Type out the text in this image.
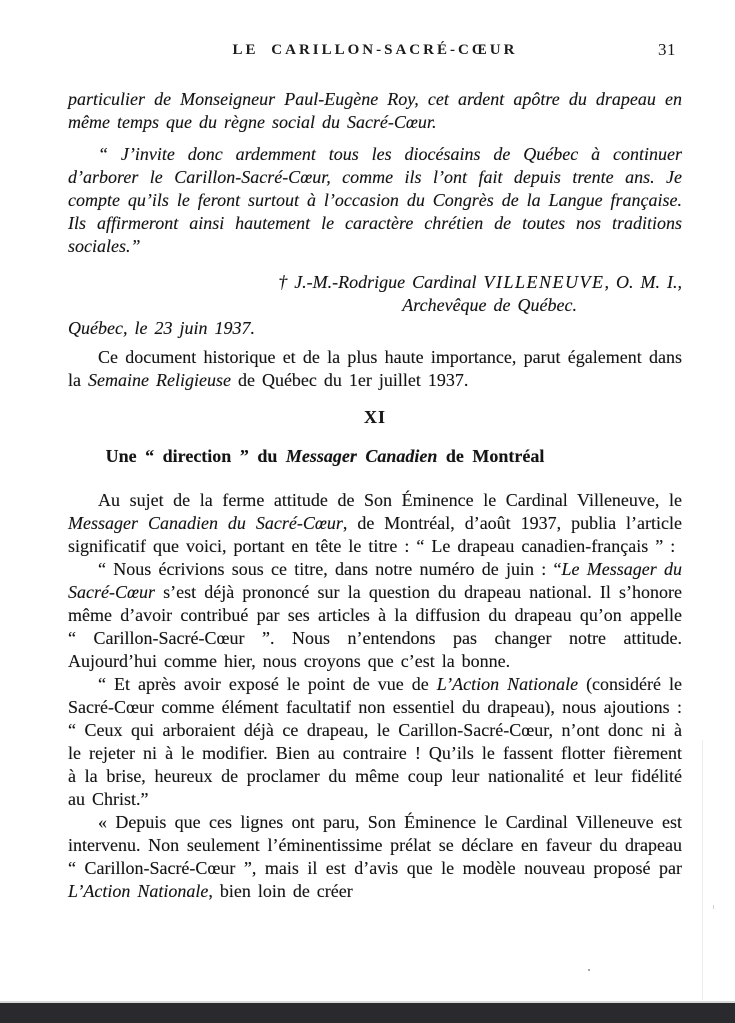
LE CARILLON-SACRÉ-CŒUR	31

particulier de Monseigneur Paul-Eugène Roy, cet ardent apôtre du drapeau en même temps que du règne social du Sacré-Cœur.

“ J’invite donc ardemment tous les diocésains de Québec à continuer d’arborer le Carillon-Sacré-Cœur, comme ils l’ont fait depuis trente ans. Je compte qu’ils le feront surtout à l’occasion du Congrès de la Langue française. Ils affirmeront ainsi hautement le caractère chrétien de toutes nos traditions sociales.”

† J.-M.-Rodrigue Cardinal VILLENEUVE, O. M. I.,

Archevêque de Québec.

Québec, le 23 juin 1937.

Ce document historique et de la plus haute importance, parut également dans la Semaine Religieuse de Québec du 1er juillet 1937.

XI

Une “ direction ” du Messager Canadien de Montréal

Au sujet de la ferme attitude de Son Éminence le Cardinal Villeneuve, le Messager Canadien du Sacré-Cœur, de Montréal, d’août 1937, publia l’article significatif que voici, portant en tête le titre : “ Le drapeau canadien-français ” :

“ Nous écrivions sous ce titre, dans notre numéro de juin : “Le Messager du Sacré-Cœur s’est déjà prononcé sur la question du drapeau national. Il s’honore même d’avoir contribué par ses articles à la diffusion du drapeau qu’on appelle “ Carillon-Sacré-Cœur ”. Nous n’entendons pas changer notre attitude. Aujourd’hui comme hier, nous croyons que c’est la bonne.

“ Et après avoir exposé le point de vue de L’Action Nationale (considéré le Sacré-Cœur comme élément facultatif non essentiel du drapeau), nous ajoutions : “ Ceux qui arboraient déjà ce drapeau, le Carillon-Sacré-Cœur, n’ont donc ni à le rejeter ni à le modifier. Bien au contraire ! Qu’ils le fassent flotter fièrement à la brise, heureux de proclamer du même coup leur nationalité et leur fidélité au Christ.”

« Depuis que ces lignes ont paru, Son Éminence le Cardinal Villeneuve est intervenu. Non seulement l’éminentissime prélat se déclare en faveur du drapeau “ Carillon-Sacré-Cœur ”, mais il est d’avis que le modèle nouveau proposé par L’Action Nationale, bien loin de créer
